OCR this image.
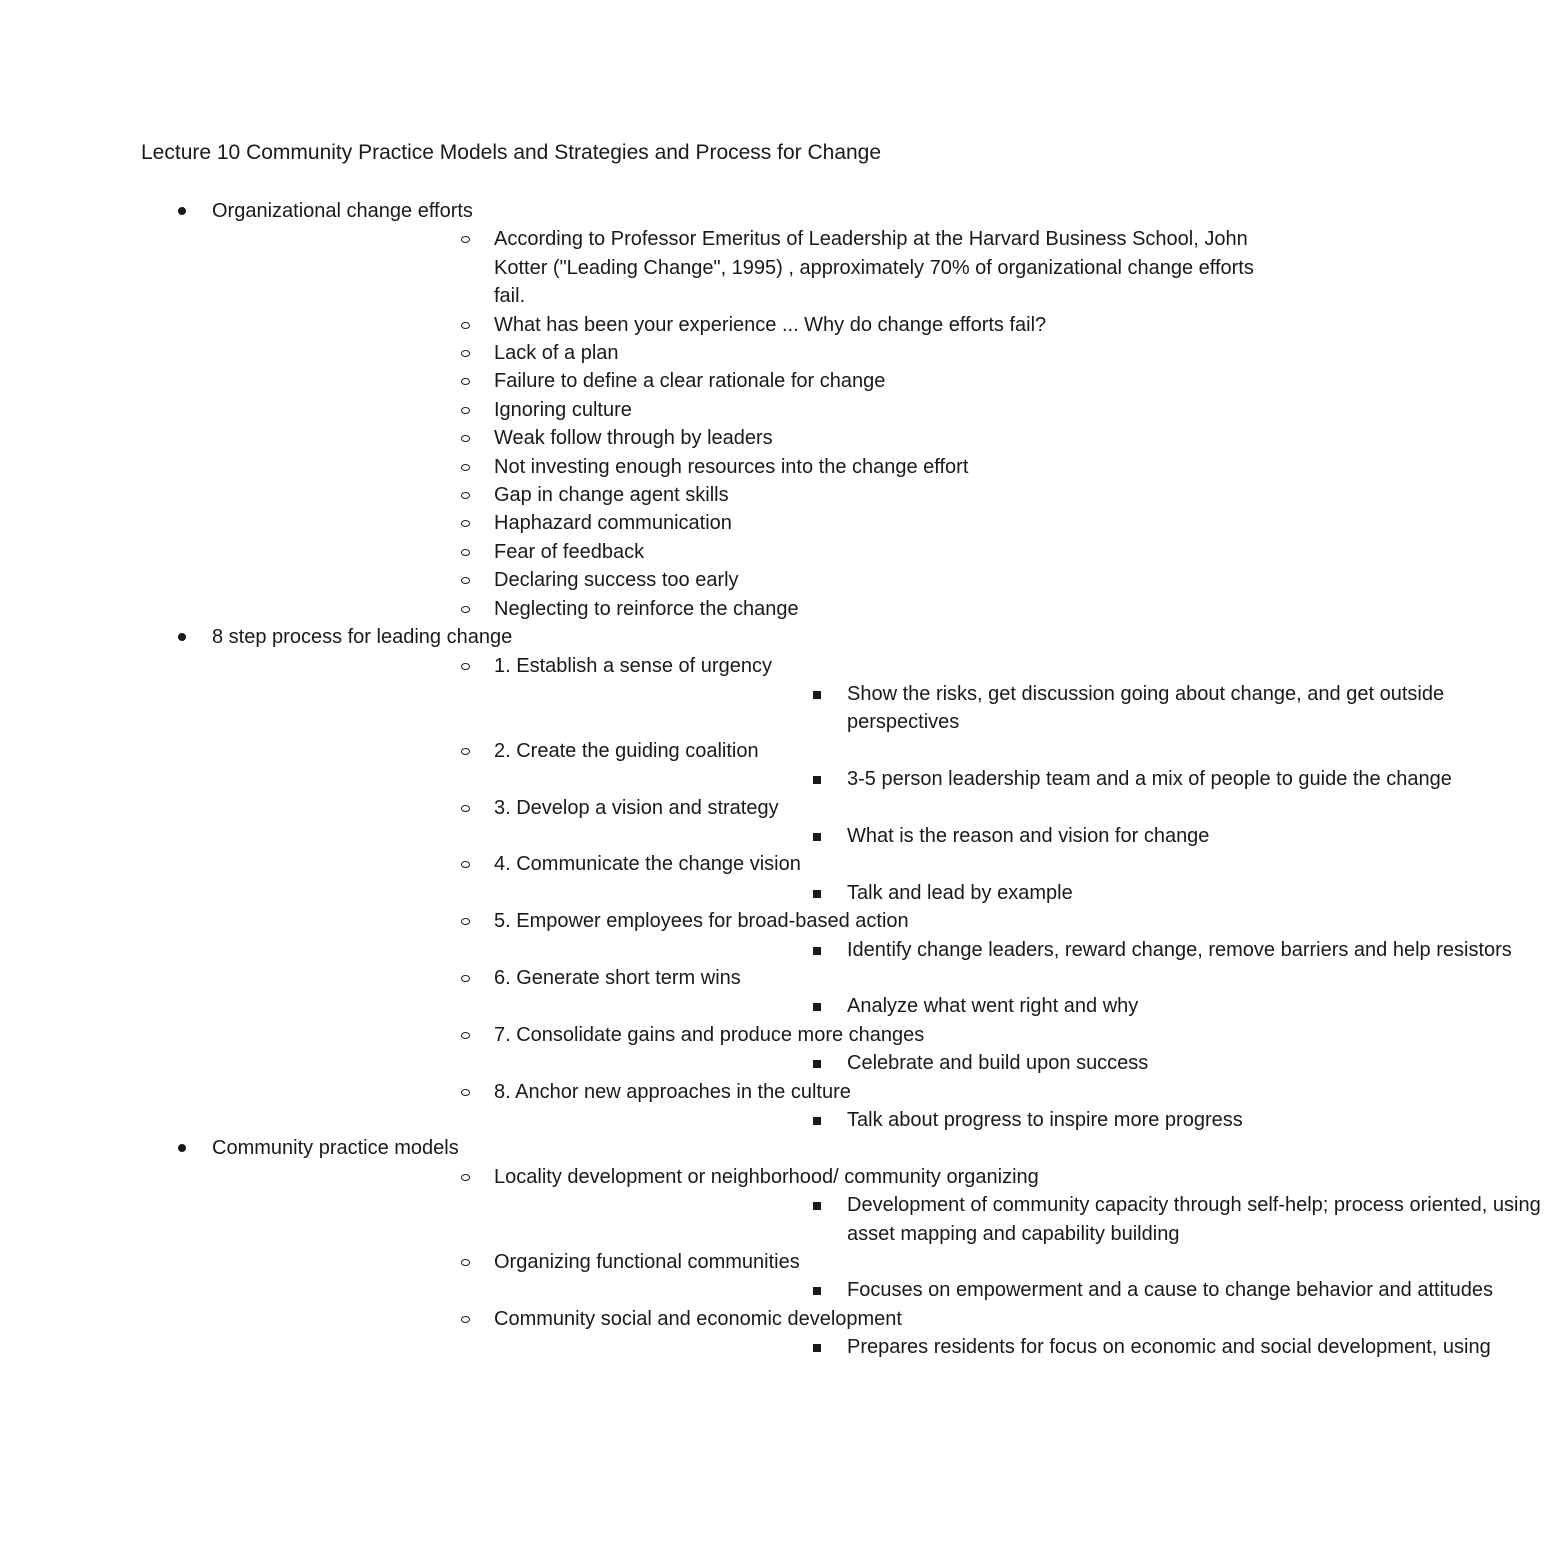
Lecture 10 Community Practice Models and Strategies and Process for Change
Organizational change efforts
According to Professor Emeritus of Leadership at the Harvard Business School, John Kotter ("Leading Change", 1995) , approximately 70% of organizational change efforts fail.
What has been your experience ... Why do change efforts fail?
Lack of a plan
Failure to define a clear rationale for change
Ignoring culture
Weak follow through by leaders
Not investing enough resources into the change effort
Gap in change agent skills
Haphazard communication
Fear of feedback
Declaring success too early
Neglecting to reinforce the change
8 step process for leading change
1. Establish a sense of urgency
Show the risks, get discussion going about change, and get outside perspectives
2. Create the guiding coalition
3-5 person leadership team and a mix of people to guide the change
3. Develop a vision and strategy
What is the reason and vision for change
4. Communicate the change vision
Talk and lead by example
5. Empower employees for broad-based action
Identify change leaders, reward change, remove barriers and help resistors
6. Generate short term wins
Analyze what went right and why
7. Consolidate gains and produce more changes
Celebrate and build upon success
8. Anchor new approaches in the culture
Talk about progress to inspire more progress
Community practice models
Locality development or neighborhood/ community organizing
Development of community capacity through self-help; process oriented, using asset mapping and capability building
Organizing functional communities
Focuses on empowerment and a cause to change behavior and attitudes
Community social and economic development
Prepares residents for focus on economic and social development, using
